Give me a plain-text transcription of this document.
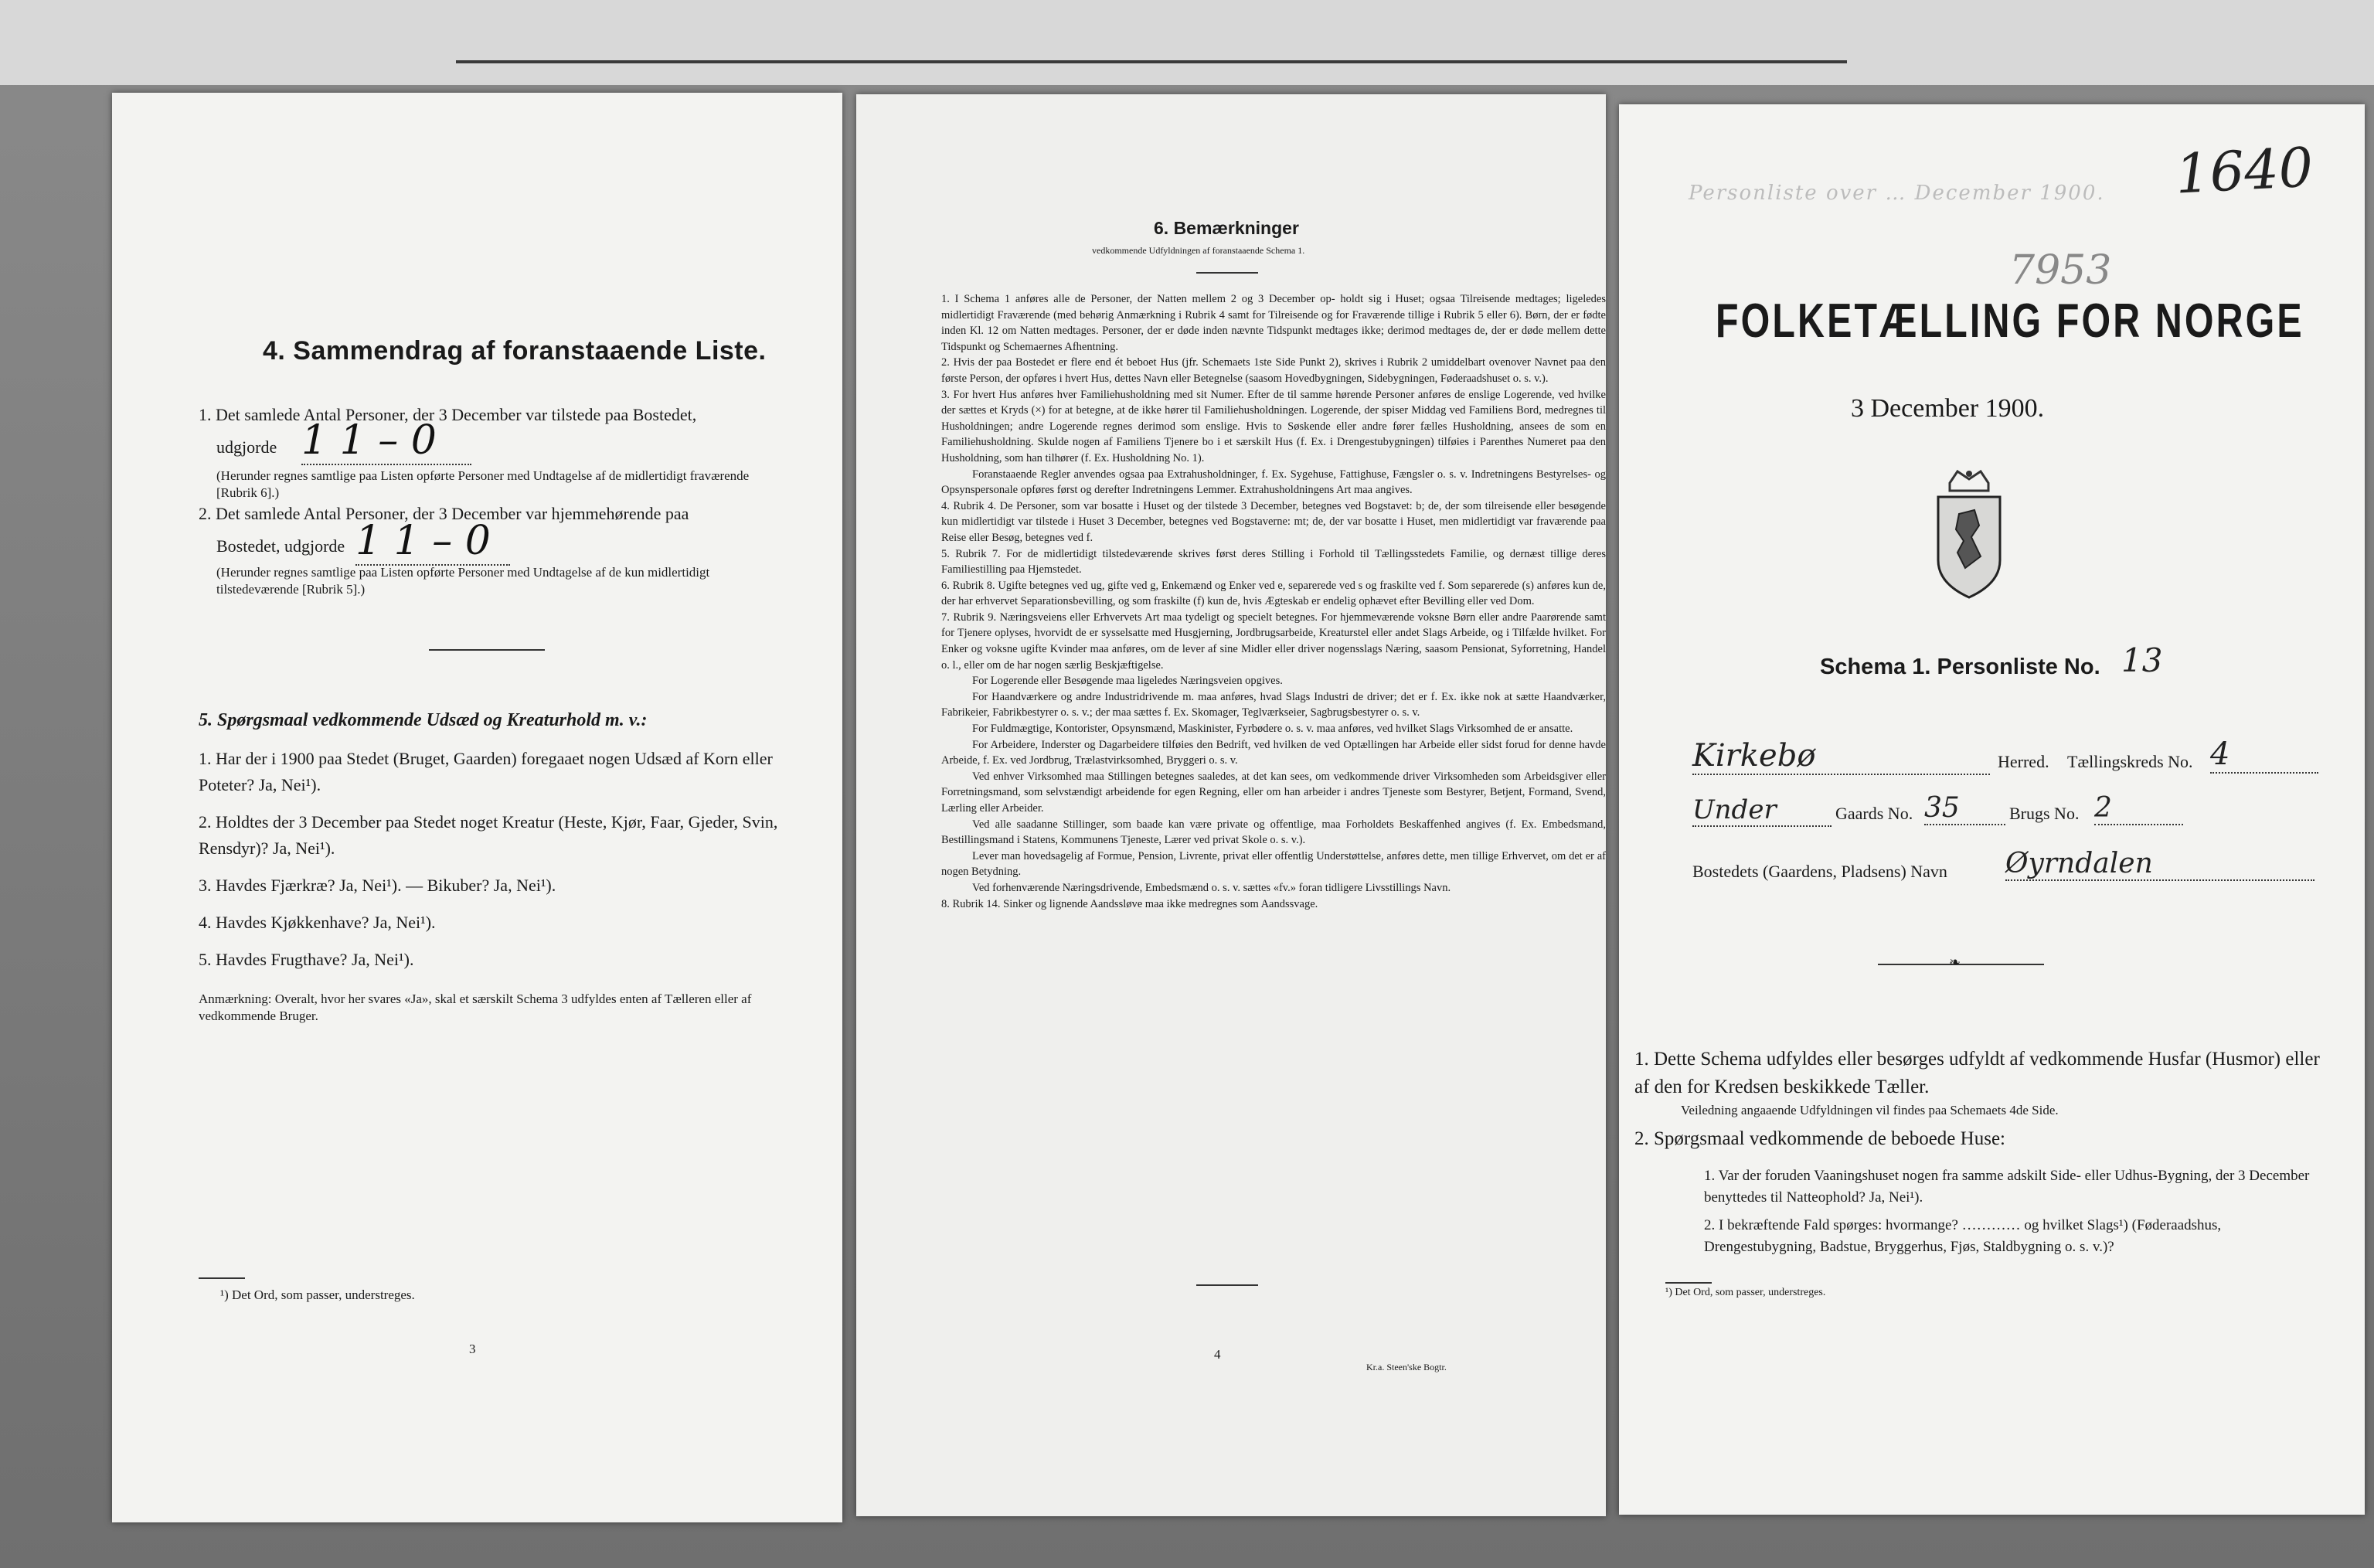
4. Sammendrag af foranstaaende Liste.
1. Det samlede Antal Personer, der 3 December var tilstede paa Bostedet,
udgjorde 1 1 – 0
(Herunder regnes samtlige paa Listen opførte Personer med Undtagelse af de midlertidigt fraværende [Rubrik 6].)
2. Det samlede Antal Personer, der 3 December var hjemmehørende paa
Bostedet, udgjorde 1 1 – 0
(Herunder regnes samtlige paa Listen opførte Personer med Undtagelse af de kun midlertidigt tilstedeværende [Rubrik 5].)
5. Spørgsmaal vedkommende Udsæd og Kreaturhold m. v.:
1. Har der i 1900 paa Stedet (Bruget, Gaarden) foregaaet nogen Udsæd af Korn eller Poteter? Ja, Nei¹).
2. Holdtes der 3 December paa Stedet noget Kreatur (Heste, Kjør, Faar, Gjeder, Svin, Rensdyr)? Ja, Nei¹).
3. Havdes Fjærkræ? Ja, Nei¹). — Bikuber? Ja, Nei¹).
4. Havdes Kjøkkenhave? Ja, Nei¹).
5. Havdes Frugthave? Ja, Nei¹).
Anmærkning: Overalt, hvor her svares «Ja», skal et særskilt Schema 3 udfyldes enten af Tælleren eller af vedkommende Bruger.
¹) Det Ord, som passer, understreges.
3
6. Bemærkninger
vedkommende Udfyldningen af foranstaaende Schema 1.
1. I Schema 1 anføres alle de Personer, der Natten mellem 2 og 3 December op- holdt sig i Huset; ogsaa Tilreisende medtages; ligeledes midlertidigt Fraværende (med behørig Anmærkning i Rubrik 4 samt for Tilreisende og for Fraværende tillige i Rubrik 5 eller 6). Børn, der er fødte inden Kl. 12 om Natten medtages. Personer, der er døde inden nævnte Tidspunkt medtages ikke; derimod medtages de, der er døde mellem dette Tidspunkt og Schemaernes Afhentning.
2. Hvis der paa Bostedet er flere end ét beboet Hus (jfr. Schemaets 1ste Side Punkt 2), skrives i Rubrik 2 umiddelbart ovenover Navnet paa den første Person, der opføres i hvert Hus, dettes Navn eller Betegnelse (saasom Hovedbygningen, Sidebygningen, Føderaadshuset o. s. v.).
3. For hvert Hus anføres hver Familiehusholdning med sit Numer. Efter de til samme hørende Personer anføres de enslige Logerende, ved hvilke der sættes et Kryds (×) for at betegne, at de ikke hører til Familiehusholdningen. Logerende, der spiser Middag ved Familiens Bord, medregnes til Husholdningen; andre Logerende regnes derimod som enslige. Hvis to Søskende eller andre fører fælles Husholdning, ansees de som en Familiehusholdning. Skulde nogen af Familiens Tjenere bo i et særskilt Hus (f. Ex. i Drengestubygningen) tilføies i Parenthes Numeret paa den Husholdning, som han tilhører (f. Ex. Husholdning No. 1).
Foranstaaende Regler anvendes ogsaa paa Extrahusholdninger, f. Ex. Sygehuse, Fattighuse, Fængsler o. s. v. Indretningens Bestyrelses- og Opsynspersonale opføres først og derefter Indretningens Lemmer. Extrahusholdningens Art maa angives.
4. Rubrik 4. De Personer, som var bosatte i Huset og der tilstede 3 December, betegnes ved Bogstavet: b; de, der som tilreisende eller besøgende kun midlertidigt var tilstede i Huset 3 December, betegnes ved Bogstaverne: mt; de, der var bosatte i Huset, men midlertidigt var fraværende paa Reise eller Besøg, betegnes ved f.
5. Rubrik 7. For de midlertidigt tilstedeværende skrives først deres Stilling i Forhold til Tællingsstedets Familie, og dernæst tillige deres Familiestilling paa Hjemstedet.
6. Rubrik 8. Ugifte betegnes ved ug, gifte ved g, Enkemænd og Enker ved e, separerede ved s og fraskilte ved f. Som separerede (s) anføres kun de, der har erhvervet Separationsbevilling, og som fraskilte (f) kun de, hvis Ægteskab er endelig ophævet efter Bevilling eller ved Dom.
7. Rubrik 9. Næringsveiens eller Erhvervets Art maa tydeligt og specielt betegnes. For hjemmeværende voksne Børn eller andre Paarørende samt for Tjenere oplyses, hvorvidt de er sysselsatte med Husgjerning, Jordbrugsarbeide, Kreaturstel eller andet Slags Arbeide, og i Tilfælde hvilket. For Enker og voksne ugifte Kvinder maa anføres, om de lever af sine Midler eller driver nogensslags Næring, saasom Pensionat, Syforretning, Handel o. l., eller om de har nogen særlig Beskjæftigelse.
For Logerende eller Besøgende maa ligeledes Næringsveien opgives.
For Haandværkere og andre Industridrivende m. maa anføres, hvad Slags Industri de driver; det er f. Ex. ikke nok at sætte Haandværker, Fabrikeier, Fabrikbestyrer o. s. v.; der maa sættes f. Ex. Skomager, Teglværkseier, Sagbrugsbestyrer o. s. v.
For Fuldmægtige, Kontorister, Opsynsmænd, Maskinister, Fyrbødere o. s. v. maa anføres, ved hvilket Slags Virksomhed de er ansatte.
For Arbeidere, Inderster og Dagarbeidere tilføies den Bedrift, ved hvilken de ved Optællingen har Arbeide eller sidst forud for denne havde Arbeide, f. Ex. ved Jordbrug, Trælastvirksomhed, Bryggeri o. s. v.
Ved enhver Virksomhed maa Stillingen betegnes saaledes, at det kan sees, om vedkommende driver Virksomheden som Arbeidsgiver eller Forretningsmand, som selvstændigt arbeidende for egen Regning, eller om han arbeider i andres Tjeneste som Bestyrer, Betjent, Formand, Svend, Lærling eller Arbeider.
Ved alle saadanne Stillinger, som baade kan være private og offentlige, maa Forholdets Beskaffenhed angives (f. Ex. Embedsmand, Bestillingsmand i Statens, Kommunens Tjeneste, Lærer ved privat Skole o. s. v.).
Lever man hovedsagelig af Formue, Pension, Livrente, privat eller offentlig Understøttelse, anføres dette, men tillige Erhvervet, om det er af nogen Betydning.
Ved forhenværende Næringsdrivende, Embedsmænd o. s. v. sættes «fv.» foran tidligere Livsstillings Navn.
8. Rubrik 14. Sinker og lignende Aandssløve maa ikke medregnes som Aandssvage.
4
Kr.a. Steen'ske Bogtr.
1640
Personliste over … December 1900.
7953
FOLKETÆLLING FOR NORGE
3 December 1900.
Schema 1. Personliste No. 13
Kirkebø	Herred. Tællingskreds No. 4
Under	Gaards No. 35	Brugs No. 2
Bostedets (Gaardens, Pladsens) Navn Øyrndalen
❧
1. Dette Schema udfyldes eller besørges udfyldt af vedkommende Husfar (Husmor) eller af den for Kredsen beskikkede Tæller.
Veiledning angaaende Udfyldningen vil findes paa Schemaets 4de Side.
2. Spørgsmaal vedkommende de beboede Huse:
1. Var der foruden Vaaningshuset nogen fra samme adskilt Side- eller Udhus-Bygning, der 3 December benyttedes til Natteophold? Ja, Nei¹).
2. I bekræftende Fald spørges: hvormange? ………… og hvilket Slags¹) (Føderaadshus, Drengestubygning, Badstue, Bryggerhus, Fjøs, Staldbygning o. s. v.)?
¹) Det Ord, som passer, understreges.
